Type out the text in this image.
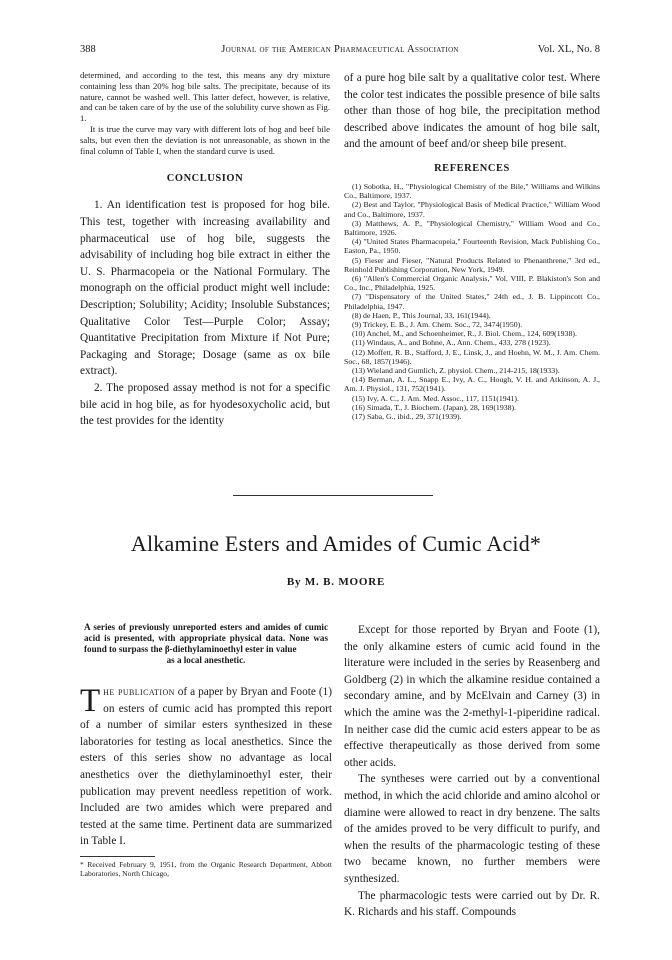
388	Journal of the American Pharmaceutical Association	Vol. XL, No. 8

determined, and according to the test, this means any dry mixture containing less than 20% hog bile salts. The precipitate, because of its nature, cannot be washed well. This latter defect, however, is relative, and can be taken care of by the use of the solubility curve shown as Fig. 1.

It is true the curve may vary with different lots of hog and beef bile salts, but even then the deviation is not unreasonable, as shown in the final column of Table I, when the standard curve is used.

CONCLUSION

1. An identification test is proposed for hog bile. This test, together with increasing availability and pharmaceutical use of hog bile, suggests the advisability of including hog bile extract in either the U. S. Pharmacopeia or the National Formulary. The monograph on the official product might well include: Description; Solubility; Acidity; Insoluble Substances; Qualitative Color Test—Purple Color; Assay; Quantitative Precipitation from Mixture if Not Pure; Packaging and Storage; Dosage (same as ox bile extract).

2. The proposed assay method is not for a specific bile acid in hog bile, as for hyodesoxycholic acid, but the test provides for the identity

of a pure hog bile salt by a qualitative color test. Where the color test indicates the possible presence of bile salts other than those of hog bile, the precipitation method described above indicates the amount of hog bile salt, and the amount of beef and/or sheep bile present.

REFERENCES

(1) Sobotka, H., "Physiological Chemistry of the Bile," Williams and Wilkins Co., Baltimore, 1937.
(2) Best and Taylor, "Physiological Basis of Medical Practice," William Wood and Co., Baltimore, 1937.
(3) Matthews, A. P., "Physiological Chemistry," William Wood and Co., Baltimore, 1926.
(4) "United States Pharmacopeia," Fourteenth Revision, Mack Publishing Co., Easton, Pa., 1950.
(5) Fieser and Fieser, "Natural Products Related to Phenanthrene," 3rd ed., Reinhold Publishing Corporation, New York, 1949.
(6) "Allen's Commercial Organic Analysis," Vol. VIII, P. Blakiston's Son and Co., Inc., Philadelphia, 1925.
(7) "Dispensatory of the United States," 24th ed., J. B. Lippincott Co., Philadelphia, 1947.
(8) de Haen, P., This Journal, 33, 161(1944).
(9) Trickey, E. B., J. Am. Chem. Soc., 72, 3474(1950).
(10) Anchel, M., and Schoenheimer, R., J. Biol. Chem., 124, 609(1938).
(11) Windaus, A., and Bohne, A., Ann. Chem., 433, 278 (1923).
(12) Moffett, R. B., Stafford, J. E., Linsk, J., and Hoehn, W. M., J. Am. Chem. Soc., 68, 1857(1946).
(13) Wieland and Gumlich, Z. physiol. Chem., 214-215, 18(1933).
(14) Berman, A. L., Snapp E., Ivy, A. C., Hough, V. H. and Atkinson, A. J., Am. J. Physiol., 131, 752(1941).
(15) Ivy, A. C., J. Am. Med. Assoc., 117, 1151(1941).
(16) Simada, T., J. Biochem. (Japan), 28, 169(1938).
(17) Saba, G., ibid., 29, 371(1939).
Alkamine Esters and Amides of Cumic Acid*
By M. B. MOORE

A series of previously unreported esters and amides of cumic acid is presented, with appropriate physical data. None was found to surpass the β-diethylaminoethyl ester in value
as a local anesthetic.

The publication of a paper by Bryan and Foote (1) on esters of cumic acid has prompted this report of a number of similar esters synthesized in these laboratories for testing as local anesthetics. Since the esters of this series show no advantage as local anesthetics over the diethylaminoethyl ester, their publication may prevent needless repetition of work. Included are two amides which were prepared and tested at the same time. Pertinent data are summarized in Table I.

* Received February 9, 1951, from the Organic Research Department, Abbott Laboratories, North Chicago,

Except for those reported by Bryan and Foote (1), the only alkamine esters of cumic acid found in the literature were included in the series by Reasenberg and Goldberg (2) in which the alkamine residue contained a secondary amine, and by McElvain and Carney (3) in which the amine was the 2-methyl-1-piperidine radical. In neither case did the cumic acid esters appear to be as effective therapeutically as those derived from some other acids.

The syntheses were carried out by a conventional method, in which the acid chloride and amino alcohol or diamine were allowed to react in dry benzene. The salts of the amides proved to be very difficult to purify, and when the results of the pharmacologic testing of these two became known, no further members were synthesized.

The pharmacologic tests were carried out by Dr. R. K. Richards and his staff. Compounds
